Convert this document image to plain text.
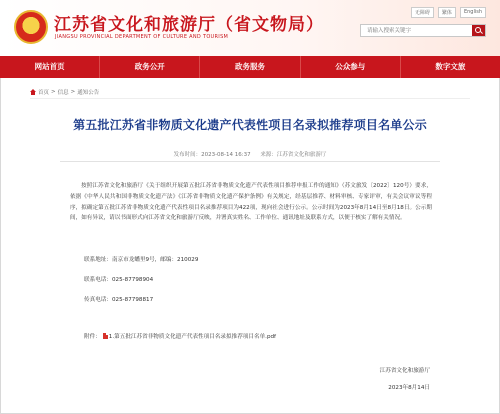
★
江苏省文化和旅游厅（省文物局）
JIANGSU PROVINCIAL DEPARTMENT OF CULTURE AND TOURISM
无障碍	繁体	English
请输入搜索关键字
网站首页	政务公开	政务服务	公众参与	数字文旅
首页 > 信息 > 通知公告
第五批江苏省非物质文化遗产代表性项目名录拟推荐项目名单公示
发布时间：2023-08-14 16:37 来源：江苏省文化和旅游厅

按照江苏省文化和旅游厅《关于组织开展第五批江苏省非物质文化遗产代表性项目推荐申报工作的通知》（苏文旅发〔2022〕120号）要求，依据《中华人民共和国非物质文化遗产法》《江苏省非物质文化遗产保护条例》有关规定，经基层推荐、材料审核、专家评审，有关会议审议等程序，拟确定第五批江苏省非物质文化遗产代表性项目名录推荐项目为422项，现向社会进行公示。公示时间为2023年8月14日至8月18日。公示期间，如有异议，请以书面形式向江苏省文化和旅游厅反映，并署真实姓名、工作单位、通讯地址及联系方式，以便于核实了解有关情况。

联系地址：南京市龙蟠里9号，邮编：210029
联系电话：025-87798904
传真电话：025-87798817
附件： 1.第五批江苏省非物质文化遗产代表性项目名录拟推荐项目名单.pdf
江苏省文化和旅游厅
2023年8月14日
